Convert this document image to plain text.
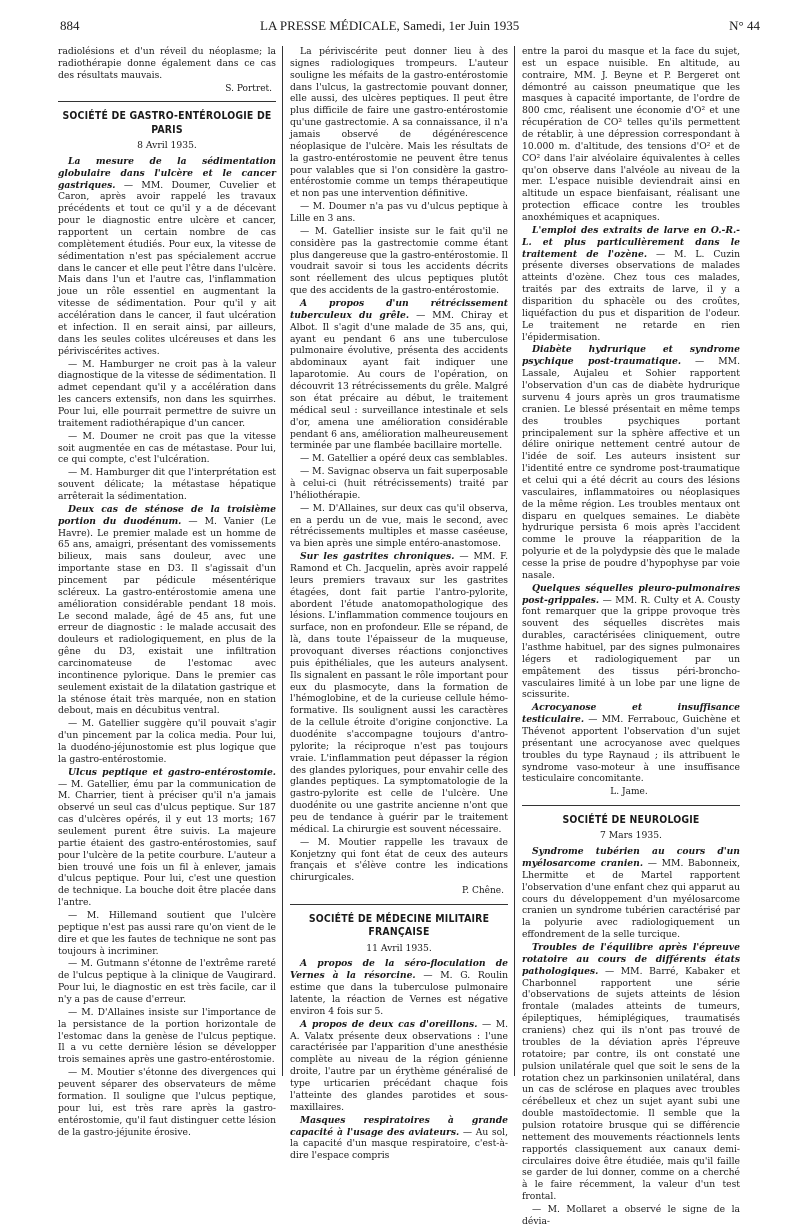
884	LA PRESSE MÉDICALE, Samedi, 1er Juin 1935	N° 44

radiolésions et d'un réveil du néoplasme; la radiothérapie donne également dans ce cas des résultats mauvais.

S. Portret.
SOCIÉTÉ DE GASTRO-ENTÉROLOGIE DE PARIS
8 Avril 1935.

La mesure de la sédimentation globulaire dans l'ulcère et le cancer gastriques. — MM. Doumer, Cuvelier et Caron, après avoir rappelé les travaux précédents et tout ce qu'il y a de décevant pour le diagnostic entre ulcère et cancer, rapportent un certain nombre de cas complètement étudiés. Pour eux, la vitesse de sédimentation n'est pas spécialement accrue dans le cancer et elle peut l'être dans l'ulcère. Mais dans l'un et l'autre cas, l'inflammation joue un rôle essentiel en augmentant la vitesse de sédimentation. Pour qu'il y ait accélération dans le cancer, il faut ulcération et infection. Il en serait ainsi, par ailleurs, dans les seules colites ulcéreuses et dans les périviscérites actives.

— M. Hamburger ne croit pas à la valeur diagnostique de la vitesse de sédimentation. Il admet cependant qu'il y a accélération dans les cancers extensifs, non dans les squirrhes. Pour lui, elle pourrait permettre de suivre un traitement radiothérapique d'un cancer.

— M. Doumer ne croit pas que la vitesse soit augmentée en cas de métastase. Pour lui, ce qui compte, c'est l'ulcération.

— M. Hamburger dit que l'interprétation est souvent délicate; la métastase hépatique arrêterait la sédimentation.

Deux cas de sténose de la troisième portion du duodénum. — M. Vanier (Le Havre). Le premier malade est un homme de 65 ans, amaigri, présentant des vomissements bilieux, mais sans douleur, avec une importante stase en D3. Il s'agissait d'un pincement par pédicule mésentérique scléreux. La gastro-entérostomie amena une amélioration considérable pendant 18 mois. Le second malade, âgé de 45 ans, fut une erreur de diagnostic : le malade accusait des douleurs et radiologiquement, en plus de la gêne du D3, existait une infiltration carcinomateuse de l'estomac avec incontinence pylorique. Dans le premier cas seulement existait de la dilatation gastrique et la sténose était très marquée, non en station debout, mais en décubitus ventral.

— M. Gatellier suggère qu'il pouvait s'agir d'un pincement par la colica media. Pour lui, la duodéno-jéjunostomie est plus logique que la gastro-entérostomie.

Ulcus peptique et gastro-entérostomie. — M. Gatellier, ému par la communication de M. Charrier, tient à préciser qu'il n'a jamais observé un seul cas d'ulcus peptique. Sur 187 cas d'ulcères opérés, il y eut 13 morts; 167 seulement purent être suivis. La majeure partie étaient des gastro-entérostomies, sauf pour l'ulcère de la petite courbure. L'auteur a bien trouvé une fois un fil à enlever, jamais d'ulcus peptique. Pour lui, c'est une question de technique. La bouche doit être placée dans l'antre.

— M. Hillemand soutient que l'ulcère peptique n'est pas aussi rare qu'on vient de le dire et que les fautes de technique ne sont pas toujours à incriminer.

— M. Gutmann s'étonne de l'extrême rareté de l'ulcus peptique à la clinique de Vaugirard. Pour lui, le diagnostic en est très facile, car il n'y a pas de cause d'erreur.

— M. D'Allaines insiste sur l'importance de la persistance de la portion horizontale de l'estomac dans la genèse de l'ulcus peptique. Il a vu cette dernière lésion se développer trois semaines après une gastro-entérostomie.

— M. Moutier s'étonne des divergences qui peuvent séparer des observateurs de même formation. Il souligne que l'ulcus peptique, pour lui, est très rare après la gastro-entérostomie, qu'il faut distinguer cette lésion de la gastro-jéjunite érosive.

La périviscérite peut donner lieu à des signes radiologiques trompeurs. L'auteur souligne les méfaits de la gastro-entérostomie dans l'ulcus, la gastrectomie pouvant donner, elle aussi, des ulcères peptiques. Il peut être plus difficile de faire une gastro-entérostomie qu'une gastrectomie. A sa connaissance, il n'a jamais observé de dégénérescence néoplasique de l'ulcère. Mais les résultats de la gastro-entérostomie ne peuvent être tenus pour valables que si l'on considère la gastro-entérostomie comme un temps thérapeutique et non pas une intervention définitive.

— M. Doumer n'a pas vu d'ulcus peptique à Lille en 3 ans.

— M. Gatellier insiste sur le fait qu'il ne considère pas la gastrectomie comme étant plus dangereuse que la gastro-entérostomie. Il voudrait savoir si tous les accidents décrits sont réellement des ulcus peptiques plutôt que des accidents de la gastro-entérostomie.

A propos d'un rétrécissement tuberculeux du grêle. — MM. Chiray et Albot. Il s'agit d'une malade de 35 ans, qui, ayant eu pendant 6 ans une tuberculose pulmonaire évolutive, présenta des accidents abdominaux ayant fait indiquer une laparotomie. Au cours de l'opération, on découvrit 13 rétrécissements du grêle. Malgré son état précaire au début, le traitement médical seul : surveillance intestinale et sels d'or, amena une amélioration considérable pendant 6 ans, amélioration malheureusement terminée par une flambée bacillaire mortelle.

— M. Gatellier a opéré deux cas semblables.

— M. Savignac observa un fait superposable à celui-ci (huit rétrécissements) traité par l'héliothérapie.

— M. D'Allaines, sur deux cas qu'il observa, en a perdu un de vue, mais le second, avec rétrécissements multiples et masse caséeuse, va bien après une simple entéro-anastomose.

Sur les gastrites chroniques. — MM. F. Ramond et Ch. Jacquelin, après avoir rappelé leurs premiers travaux sur les gastrites étagées, dont fait partie l'antro-pylorite, abordent l'étude anatomopathologique des lésions. L'inflammation commence toujours en surface, non en profondeur. Elle se répand, de là, dans toute l'épaisseur de la muqueuse, provoquant diverses réactions conjonctives puis épithéliales, que les auteurs analysent. Ils signalent en passant le rôle important pour eux du plasmocyte, dans la formation de l'hémoglobine, et de la curieuse cellule hémo-formative. Ils soulignent aussi les caractères de la cellule étroite d'origine conjonctive. La duodénite s'accompagne toujours d'antro-pylorite; la réciproque n'est pas toujours vraie. L'inflammation peut dépasser la région des glandes pyloriques, pour envahir celle des glandes peptiques. La symptomatologie de la gastro-pylorite est celle de l'ulcère. Une duodénite ou une gastrite ancienne n'ont que peu de tendance à guérir par le traitement médical. La chirurgie est souvent nécessaire.

— M. Moutier rappelle les travaux de Konjetzny qui font état de ceux des auteurs français et s'élève contre les indications chirurgicales.

P. Chêne.
SOCIÉTÉ DE MÉDECINE MILITAIRE FRANÇAISE
11 Avril 1935.

A propos de la séro-floculation de Vernes à la résorcine. — M. G. Roulin estime que dans la tuberculose pulmonaire latente, la réaction de Vernes est négative environ 4 fois sur 5.

A propos de deux cas d'oreillons. — M. A. Valatx présente deux observations : l'une caractérisée par l'apparition d'une anesthésie complète au niveau de la région génienne droite, l'autre par un érythème généralisé de type urticarien précédant chaque fois l'atteinte des glandes parotides et sous-maxillaires.

Masques respiratoires à grande capacité à l'usage des aviateurs. — Au sol, la capacité d'un masque respiratoire, c'est-à-dire l'espace compris

entre la paroi du masque et la face du sujet, est un espace nuisible. En altitude, au contraire, MM. J. Beyne et P. Bergeret ont démontré au caisson pneumatique que les masques à capacité importante, de l'ordre de 800 cmc, réalisent une économie d'O² et une récupération de CO² telles qu'ils permettent de rétablir, à une dépression correspondant à 10.000 m. d'altitude, des tensions d'O² et de CO² dans l'air alvéolaire équivalentes à celles qu'on observe dans l'alvéole au niveau de la mer. L'espace nuisible deviendrait ainsi en altitude un espace bienfaisant, réalisant une protection efficace contre les troubles anoxhémiques et acapniques.

L'emploi des extraits de larve en O.-R.-L. et plus particulièrement dans le traitement de l'ozène. — M. L. Cuzin présente diverses observations de malades atteints d'ozène. Chez tous ces malades, traités par des extraits de larve, il y a disparition du sphacèle ou des croûtes, liquéfaction du pus et disparition de l'odeur. Le traitement ne retarde en rien l'épidermisation.

Diabète hydrurique et syndrome psychique post-traumatique. — MM. Lassale, Aujaleu et Sohier rapportent l'observation d'un cas de diabète hydrurique survenu 4 jours après un gros traumatisme cranien. Le blessé présentait en même temps des troubles psychiques portant principalement sur la sphère affective et un délire onirique nettement centré autour de l'idée de soif. Les auteurs insistent sur l'identité entre ce syndrome post-traumatique et celui qui a été décrit au cours des lésions vasculaires, inflammatoires ou néoplasiques de la même région. Les troubles mentaux ont disparu en quelques semaines. Le diabète hydrurique persista 6 mois après l'accident comme le prouve la réapparition de la polyurie et de la polydypsie dès que le malade cesse la prise de poudre d'hypophyse par voie nasale.

Quelques séquelles pleuro-pulmonaires post-grippales. — MM. R. Culty et A. Cousty font remarquer que la grippe provoque très souvent des séquelles discrètes mais durables, caractérisées cliniquement, outre l'asthme habituel, par des signes pulmonaires légers et radiologiquement par un empâtement des tissus péri-broncho-vasculaires limité à un lobe par une ligne de scissurite.

Acrocyanose et insuffisance testiculaire. — MM. Ferrabouc, Guichène et Thévenot apportent l'observation d'un sujet présentant une acrocyanose avec quelques troubles du type Raynaud ; ils attribuent le syndrome vaso-moteur à une insuffisance testiculaire concomitante.

L. Jame.
SOCIÉTÉ DE NEUROLOGIE
7 Mars 1935.

Syndrome tubérien au cours d'un myélosarcome cranien. — MM. Babonneix, Lhermitte et de Martel rapportent l'observation d'une enfant chez qui apparut au cours du développement d'un myélosarcome cranien un syndrome tubérien caractérisé par la polyurie avec radiologiquement un effondrement de la selle turcique.

Troubles de l'équilibre après l'épreuve rotatoire au cours de différents états pathologiques. — MM. Barré, Kabaker et Charbonnel rapportent une série d'observations de sujets atteints de lésion frontale (malades atteints de tumeurs, épileptiques, hémiplégiques, traumatisés craniens) chez qui ils n'ont pas trouvé de troubles de la déviation après l'épreuve rotatoire; par contre, ils ont constaté une pulsion unilatérale quel que soit le sens de la rotation chez un parkinsonien unilatéral, dans un cas de sclérose en plaques avec troubles cérébelleux et chez un sujet ayant subi une double mastoïdectomie. Il semble que la pulsion rotatoire brusque qui se différencie nettement des mouvements réactionnels lents rapportés classiquement aux canaux demi-circulaires doive être étudiée, mais qu'il faille se garder de lui donner, comme on a cherché à le faire récemment, la valeur d'un test frontal.

— M. Mollaret a observé le signe de la dévia-
